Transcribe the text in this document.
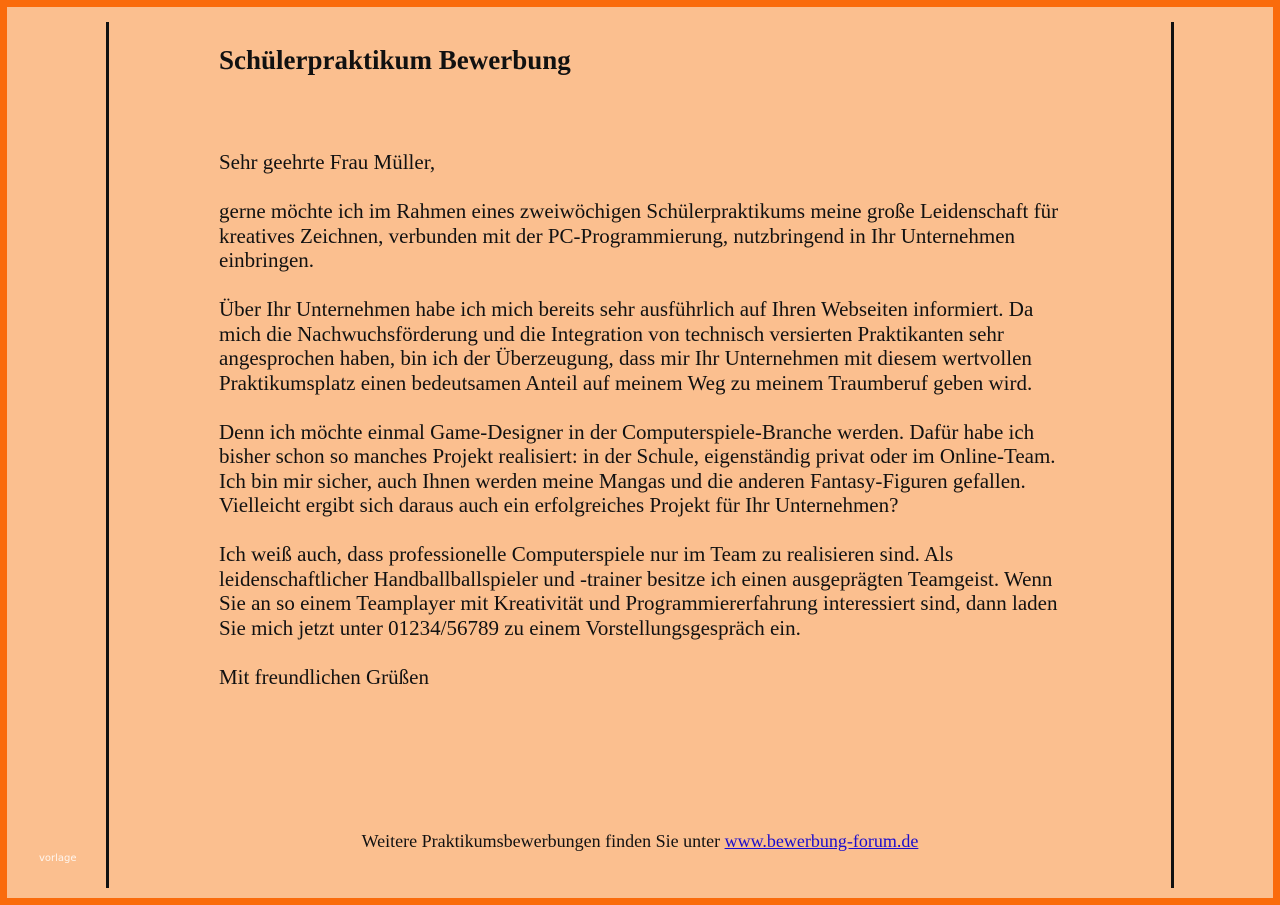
Schülerpraktikum Bewerbung

Sehr geehrte Frau Müller,

gerne möchte ich im Rahmen eines zweiwöchigen Schülerpraktikums meine große Leidenschaft für kreatives Zeichnen, verbunden mit der PC-Programmierung, nutzbringend in Ihr Unternehmen einbringen.

Über Ihr Unternehmen habe ich mich bereits sehr ausführlich auf Ihren Webseiten informiert. Da mich die Nachwuchsförderung und die Integration von technisch versierten Praktikanten sehr angesprochen haben, bin ich der Überzeugung, dass mir Ihr Unternehmen mit diesem wertvollen Praktikumsplatz einen bedeutsamen Anteil auf meinem Weg zu meinem Traumberuf geben wird.

Denn ich möchte einmal Game-Designer in der Computerspiele-Branche werden. Dafür habe ich bisher schon so manches Projekt realisiert: in der Schule, eigenständig privat oder im Online-Team. Ich bin mir sicher, auch Ihnen werden meine Mangas und die anderen Fantasy-Figuren gefallen. Vielleicht ergibt sich daraus auch ein erfolgreiches Projekt für Ihr Unternehmen?

Ich weiß auch, dass professionelle Computerspiele nur im Team zu realisieren sind. Als leidenschaftlicher Handballballspieler und -trainer besitze ich einen ausgeprägten Teamgeist. Wenn Sie an so einem Teamplayer mit Kreativität und Programmiererfahrung interessiert sind, dann laden Sie mich jetzt unter 01234/56789 zu einem Vorstellungsgespräch ein.

Mit freundlichen Grüßen

Weitere Praktikumsbewerbungen finden Sie unter www.bewerbung-forum.de
vorlage
